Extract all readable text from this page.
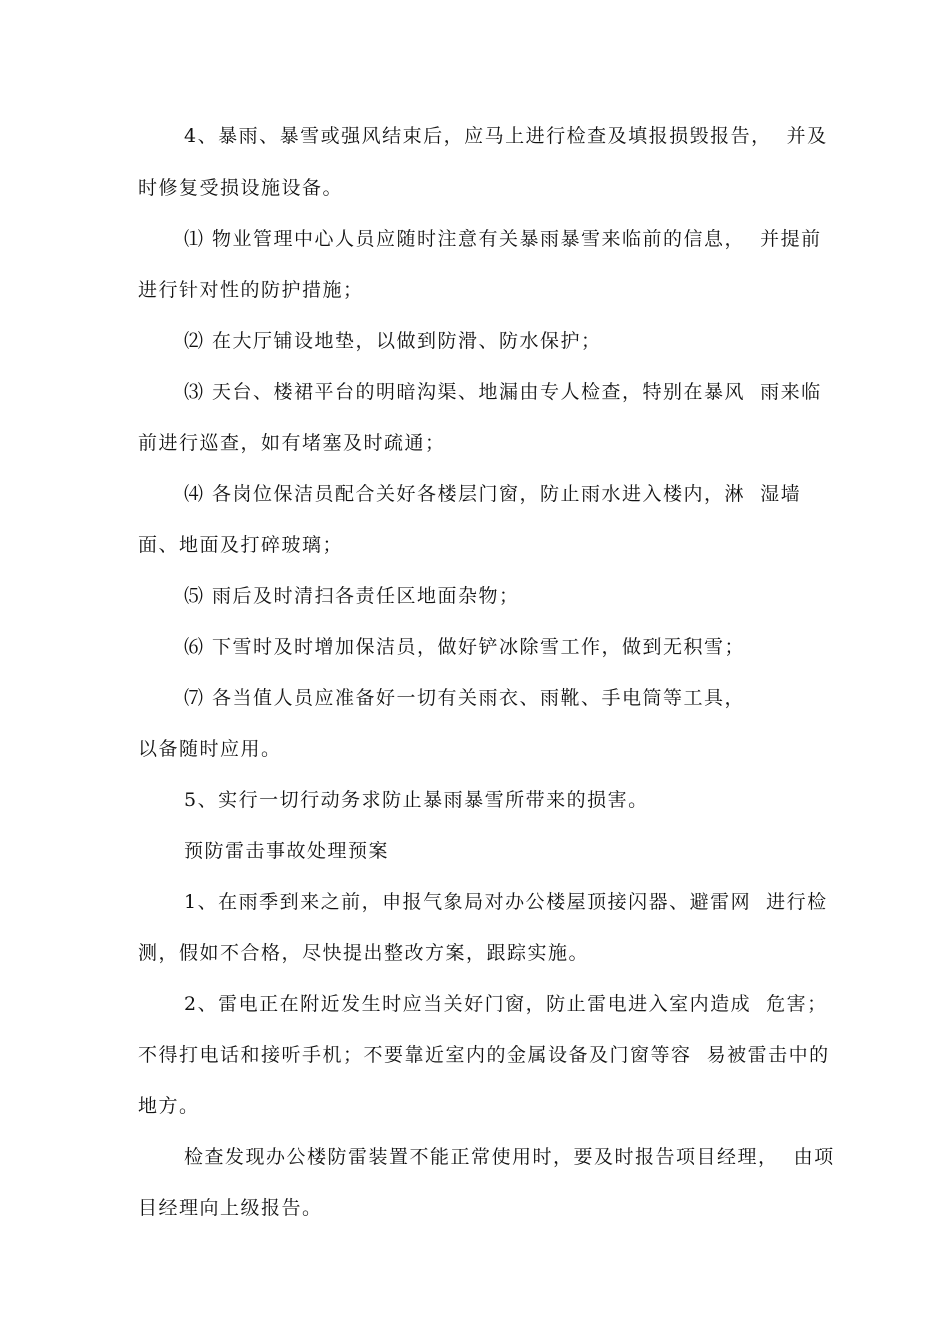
4、暴雨、暴雪或强风结束后，应马上进行检查及填报损毁报告，  并及
时修复受损设施设备。
⑴ 物业管理中心人员应随时注意有关暴雨暴雪来临前的信息，  并提前
进行针对性的防护措施；
⑵ 在大厅铺设地垫，以做到防滑、防水保护；
⑶ 天台、楼裙平台的明暗沟渠、地漏由专人检查，特别在暴风  雨来临
前进行巡查，如有堵塞及时疏通；
⑷ 各岗位保洁员配合关好各楼层门窗，防止雨水进入楼内，淋  湿墙
面、地面及打碎玻璃；
⑸ 雨后及时清扫各责任区地面杂物；
⑹ 下雪时及时增加保洁员，做好铲冰除雪工作，做到无积雪；
⑺ 各当值人员应准备好一切有关雨衣、雨靴、手电筒等工具，
以备随时应用。
5、实行一切行动务求防止暴雨暴雪所带来的损害。
预防雷击事故处理预案
1、在雨季到来之前，申报气象局对办公楼屋顶接闪器、避雷网  进行检
测，假如不合格，尽快提出整改方案，跟踪实施。
2、雷电正在附近发生时应当关好门窗，防止雷电进入室内造成  危害；
不得打电话和接听手机；不要靠近室内的金属设备及门窗等容  易被雷击中的
地方。
检查发现办公楼防雷装置不能正常使用时，要及时报告项目经理，  由项
目经理向上级报告。
